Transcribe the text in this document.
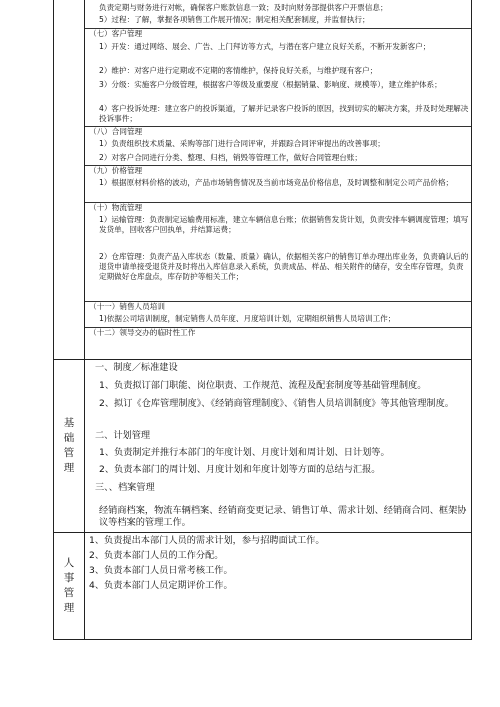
负责定期与财务进行对帐，确保客户账款信息一致；及时向财务部提供客户开票信息；
5）过程：了解，掌握各项销售工作展开情况；制定相关配套制度，并监督执行；
（七）客户管理
1）开发：通过网络、展会、广告、上门拜访等方式，与潜在客户建立良好关系，不断开发新客户；
2）维护：对客户进行定期或不定期的客情维护，保持良好关系，与维护现有客户；
3）分级：实施客户分级管理，根据客户等级及重要度（根据销量、影响度、规模等），建立维护体系；
4）客户投诉处理：建立客户的投诉渠道，了解并记录客户投诉的原因，找到切实的解决方案，并及时处理解决投诉事件；
（八）合同管理
1）负责组织技术质量、采购等部门进行合同评审，并跟踪合同评审提出的改善事项；
2）对客户合同进行分类、整理、归档，销毁等管理工作，做好合同管理台账；
（九）价格管理
1）根据原材料价格的波动，产品市场销售情况及当前市场竞品价格信息，及时调整和制定公司产品价格；
（十）物流管理
1）运输管理：负责制定运输费用标准，建立车辆信息台账；依据销售发货计划，负责安排车辆调度管理；填写发货单，回收客户回执单，并结算运费；
2）仓库管理：负责产品入库状态（数量、质量）确认，依据相关客户的销售订单办理出库业务，负责确认后的退货申请单接受退货并及时将出入库信息录入系统，负责成品、样品、相关附件的储存，安全库存管理，负责定期做好仓库盘点，库存防护等相关工作；
（十一）销售人员培训
1)依据公司培训制度，制定销售人员年度、月度培训计划，定期组织销售人员培训工作；
（十二）领导交办的临时性工作
基础管理
一、制度／标准建设
1、负责拟订部门职能、岗位职责、工作规范、流程及配套制度等基础管理制度。
2、拟订《仓库管理制度》、《经销商管理制度》、《销售人员培训制度》等其他管理制度。
二、计划管理
1、负责制定并推行本部门的年度计划、月度计划和周计划、日计划等。
2、负责本部门的周计划、月度计划和年度计划等方面的总结与汇报。
三、、档案管理
经销商档案，物流车辆档案、经销商变更记录、销售订单、需求计划、经销商合同、框架协议等档案的管理工作。
人事管理
1、负责提出本部门人员的需求计划，参与招聘面试工作。
2、负责本部门人员的工作分配。
3、负责本部门人员日常考核工作。
4、负责本部门人员定期评价工作。
